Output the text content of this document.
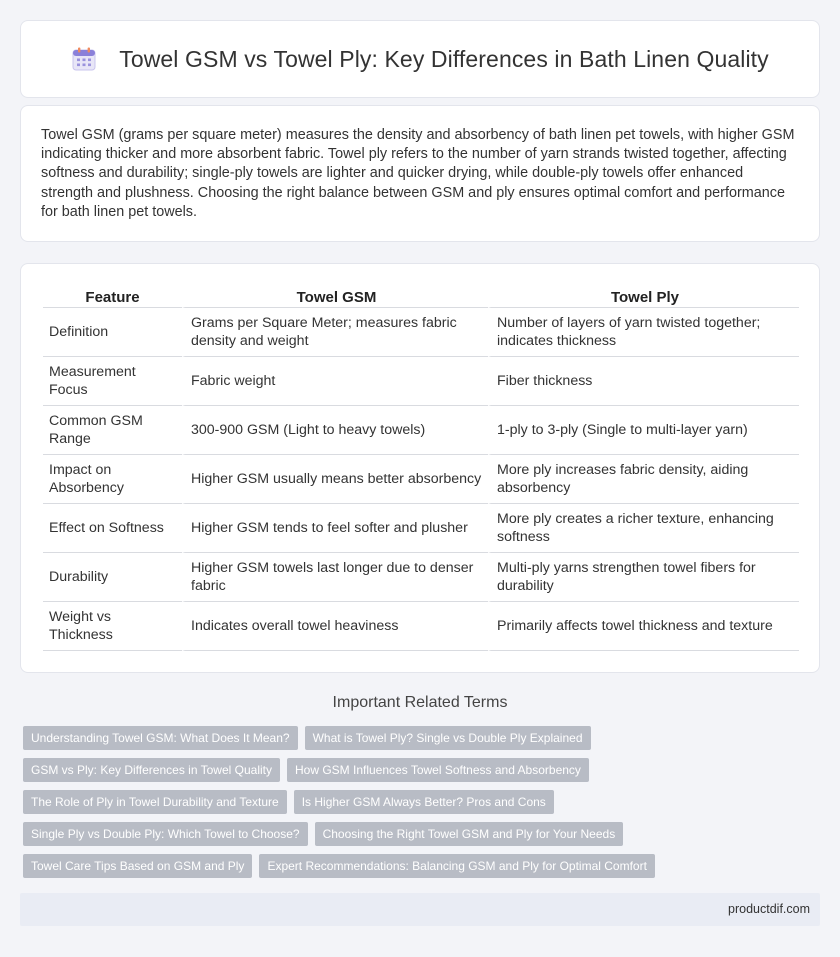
Towel GSM vs Towel Ply: Key Differences in Bath Linen Quality

Towel GSM (grams per square meter) measures the density and absorbency of bath linen pet towels, with higher GSM indicating thicker and more absorbent fabric. Towel ply refers to the number of yarn strands twisted together, affecting softness and durability; single-ply towels are lighter and quicker drying, while double-ply towels offer enhanced strength and plushness. Choosing the right balance between GSM and ply ensures optimal comfort and performance for bath linen pet towels.

Feature	Towel GSM	Towel Ply
Definition	Grams per Square Meter; measures fabric density and weight	Number of layers of yarn twisted together; indicates thickness
Measurement Focus	Fabric weight	Fiber thickness
Common GSM Range	300-900 GSM (Light to heavy towels)	1-ply to 3-ply (Single to multi-layer yarn)
Impact on Absorbency	Higher GSM usually means better absorbency	More ply increases fabric density, aiding absorbency
Effect on Softness	Higher GSM tends to feel softer and plusher	More ply creates a richer texture, enhancing softness
Durability	Higher GSM towels last longer due to denser fabric	Multi-ply yarns strengthen towel fibers for durability
Weight vs Thickness	Indicates overall towel heaviness	Primarily affects towel thickness and texture
Important Related Terms
Understanding Towel GSM: What Does It Mean?	What is Towel Ply? Single vs Double Ply Explained
GSM vs Ply: Key Differences in Towel Quality	How GSM Influences Towel Softness and Absorbency
The Role of Ply in Towel Durability and Texture	Is Higher GSM Always Better? Pros and Cons
Single Ply vs Double Ply: Which Towel to Choose?	Choosing the Right Towel GSM and Ply for Your Needs
Towel Care Tips Based on GSM and Ply	Expert Recommendations: Balancing GSM and Ply for Optimal Comfort
productdif.com
